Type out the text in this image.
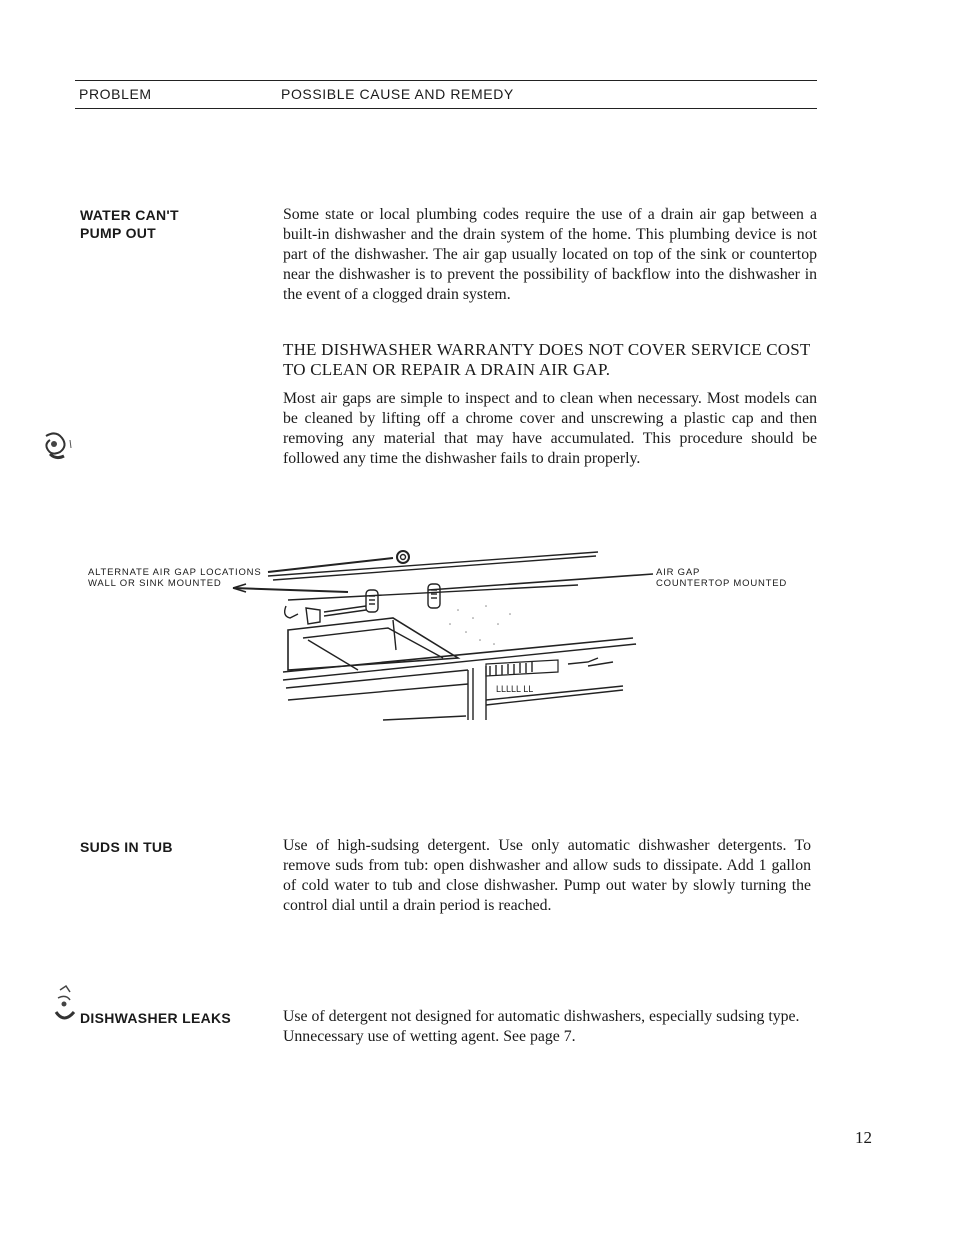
PROBLEM	POSSIBLE CAUSE AND REMEDY
WATER CAN'T
PUMP OUT

Some state or local plumbing codes require the use of a drain air gap between a built-in dishwasher and the drain system of the home. This plumbing device is not part of the dishwasher. The air gap usually located on top of the sink or countertop near the dishwasher is to prevent the possibility of backflow into the dishwasher in the event of a clogged drain system.

THE DISHWASHER WARRANTY DOES NOT COVER SERVICE COST TO CLEAN OR REPAIR A DRAIN AIR GAP.

Most air gaps are simple to inspect and to clean when necessary. Most models can be cleaned by lifting off a chrome cover and unscrewing a plastic cap and then removing any material that may have accumulated. This procedure should be followed any time the dishwasher fails to drain properly.

ALTERNATE AIR GAP LOCATIONS
WALL OR SINK MOUNTED
AIR GAP
COUNTERTOP MOUNTED
LLLLL LL
SUDS IN TUB	Use of high-sudsing detergent. Use only automatic dishwasher detergents. To remove suds from tub: open dishwasher and allow suds to dissipate. Add 1 gallon of cold water to tub and close dishwasher. Pump out water by slowly turning the control dial until a drain period is reached.

DISHWASHER LEAKS	Use of detergent not designed for automatic dishwashers, especially sudsing type. Unnecessary use of wetting agent. See page 7.

12
